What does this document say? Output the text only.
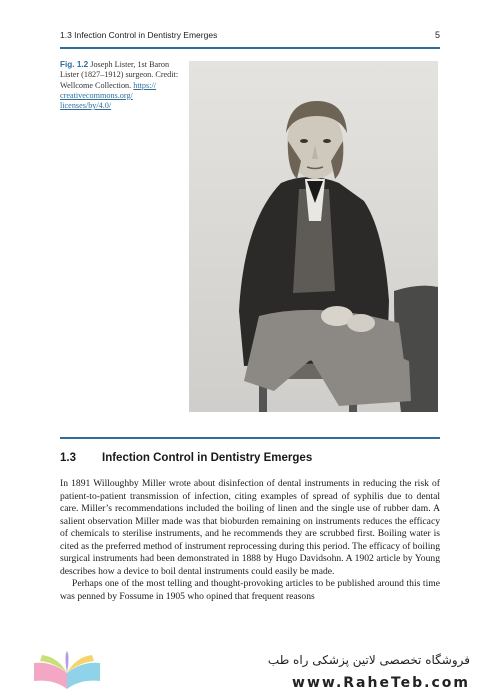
1.3 Infection Control in Dentistry Emerges	5
Fig. 1.2 Joseph Lister, 1st Baron Lister (1827–1912) surgeon. Credit: Wellcome Collection. https:// creativecommons.org/ licenses/by/4.0/
1.3 Infection Control in Dentistry Emerges

In 1891 Willoughby Miller wrote about disinfection of dental instruments in reducing the risk of patient-to-patient transmission of infection, citing examples of spread of syphilis due to dental care. Miller’s recommendations included the boiling of linen and the single use of rubber dam. A salient observation Miller made was that bioburden remaining on instruments reduces the efficacy of chemicals to sterilise instruments, and he recommends they are scrubbed first. Boiling water is cited as the preferred method of instrument reprocessing during this period. The efficacy of boiling surgical instruments had been demonstrated in 1888 by Hugo Davidsohn. A 1902 article by Young describes how a device to boil dental instruments could easily be made.

Perhaps one of the most telling and thought-provoking articles to be published around this time was penned by Fossume in 1905 who opined that frequent reasons

فروشگاه تخصصی لاتین پزشکی راه طب
www.RaheTeb.com
